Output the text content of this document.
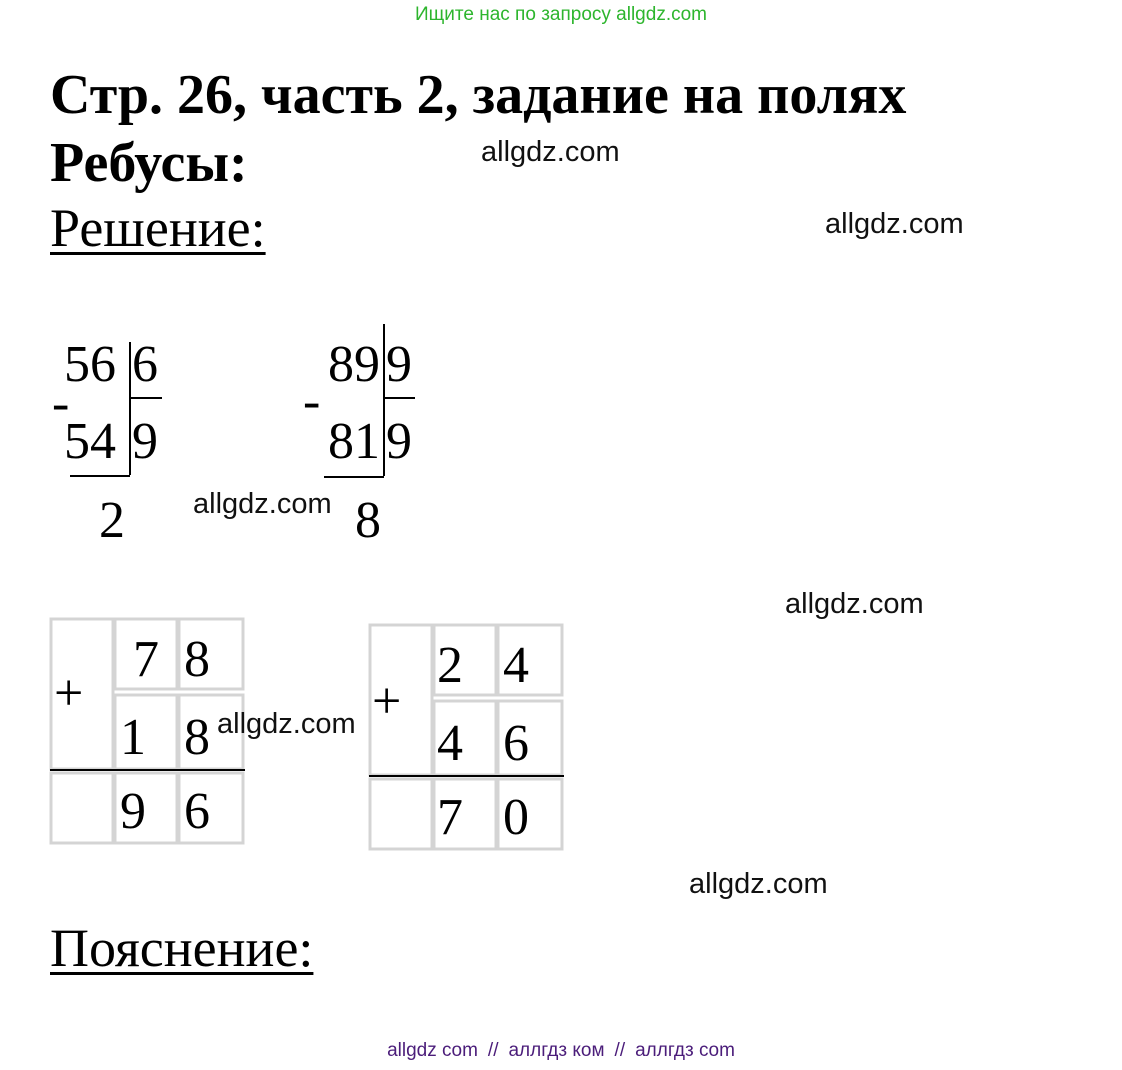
Ищите нас по запросу allgdz.com
Стр. 26, часть 2, задание на полях
Ребусы:
Решение:
allgdz.com
allgdz.com
56 6
-
54 9
2
89 9
-
81 9
8
allgdz.com
allgdz.com
+
7 8
1 8
9 6
allgdz.com +
2 4
4 6
7 0
allgdz.com
Пояснение:
allgdz com // аллгдз ком // аллгдз com
